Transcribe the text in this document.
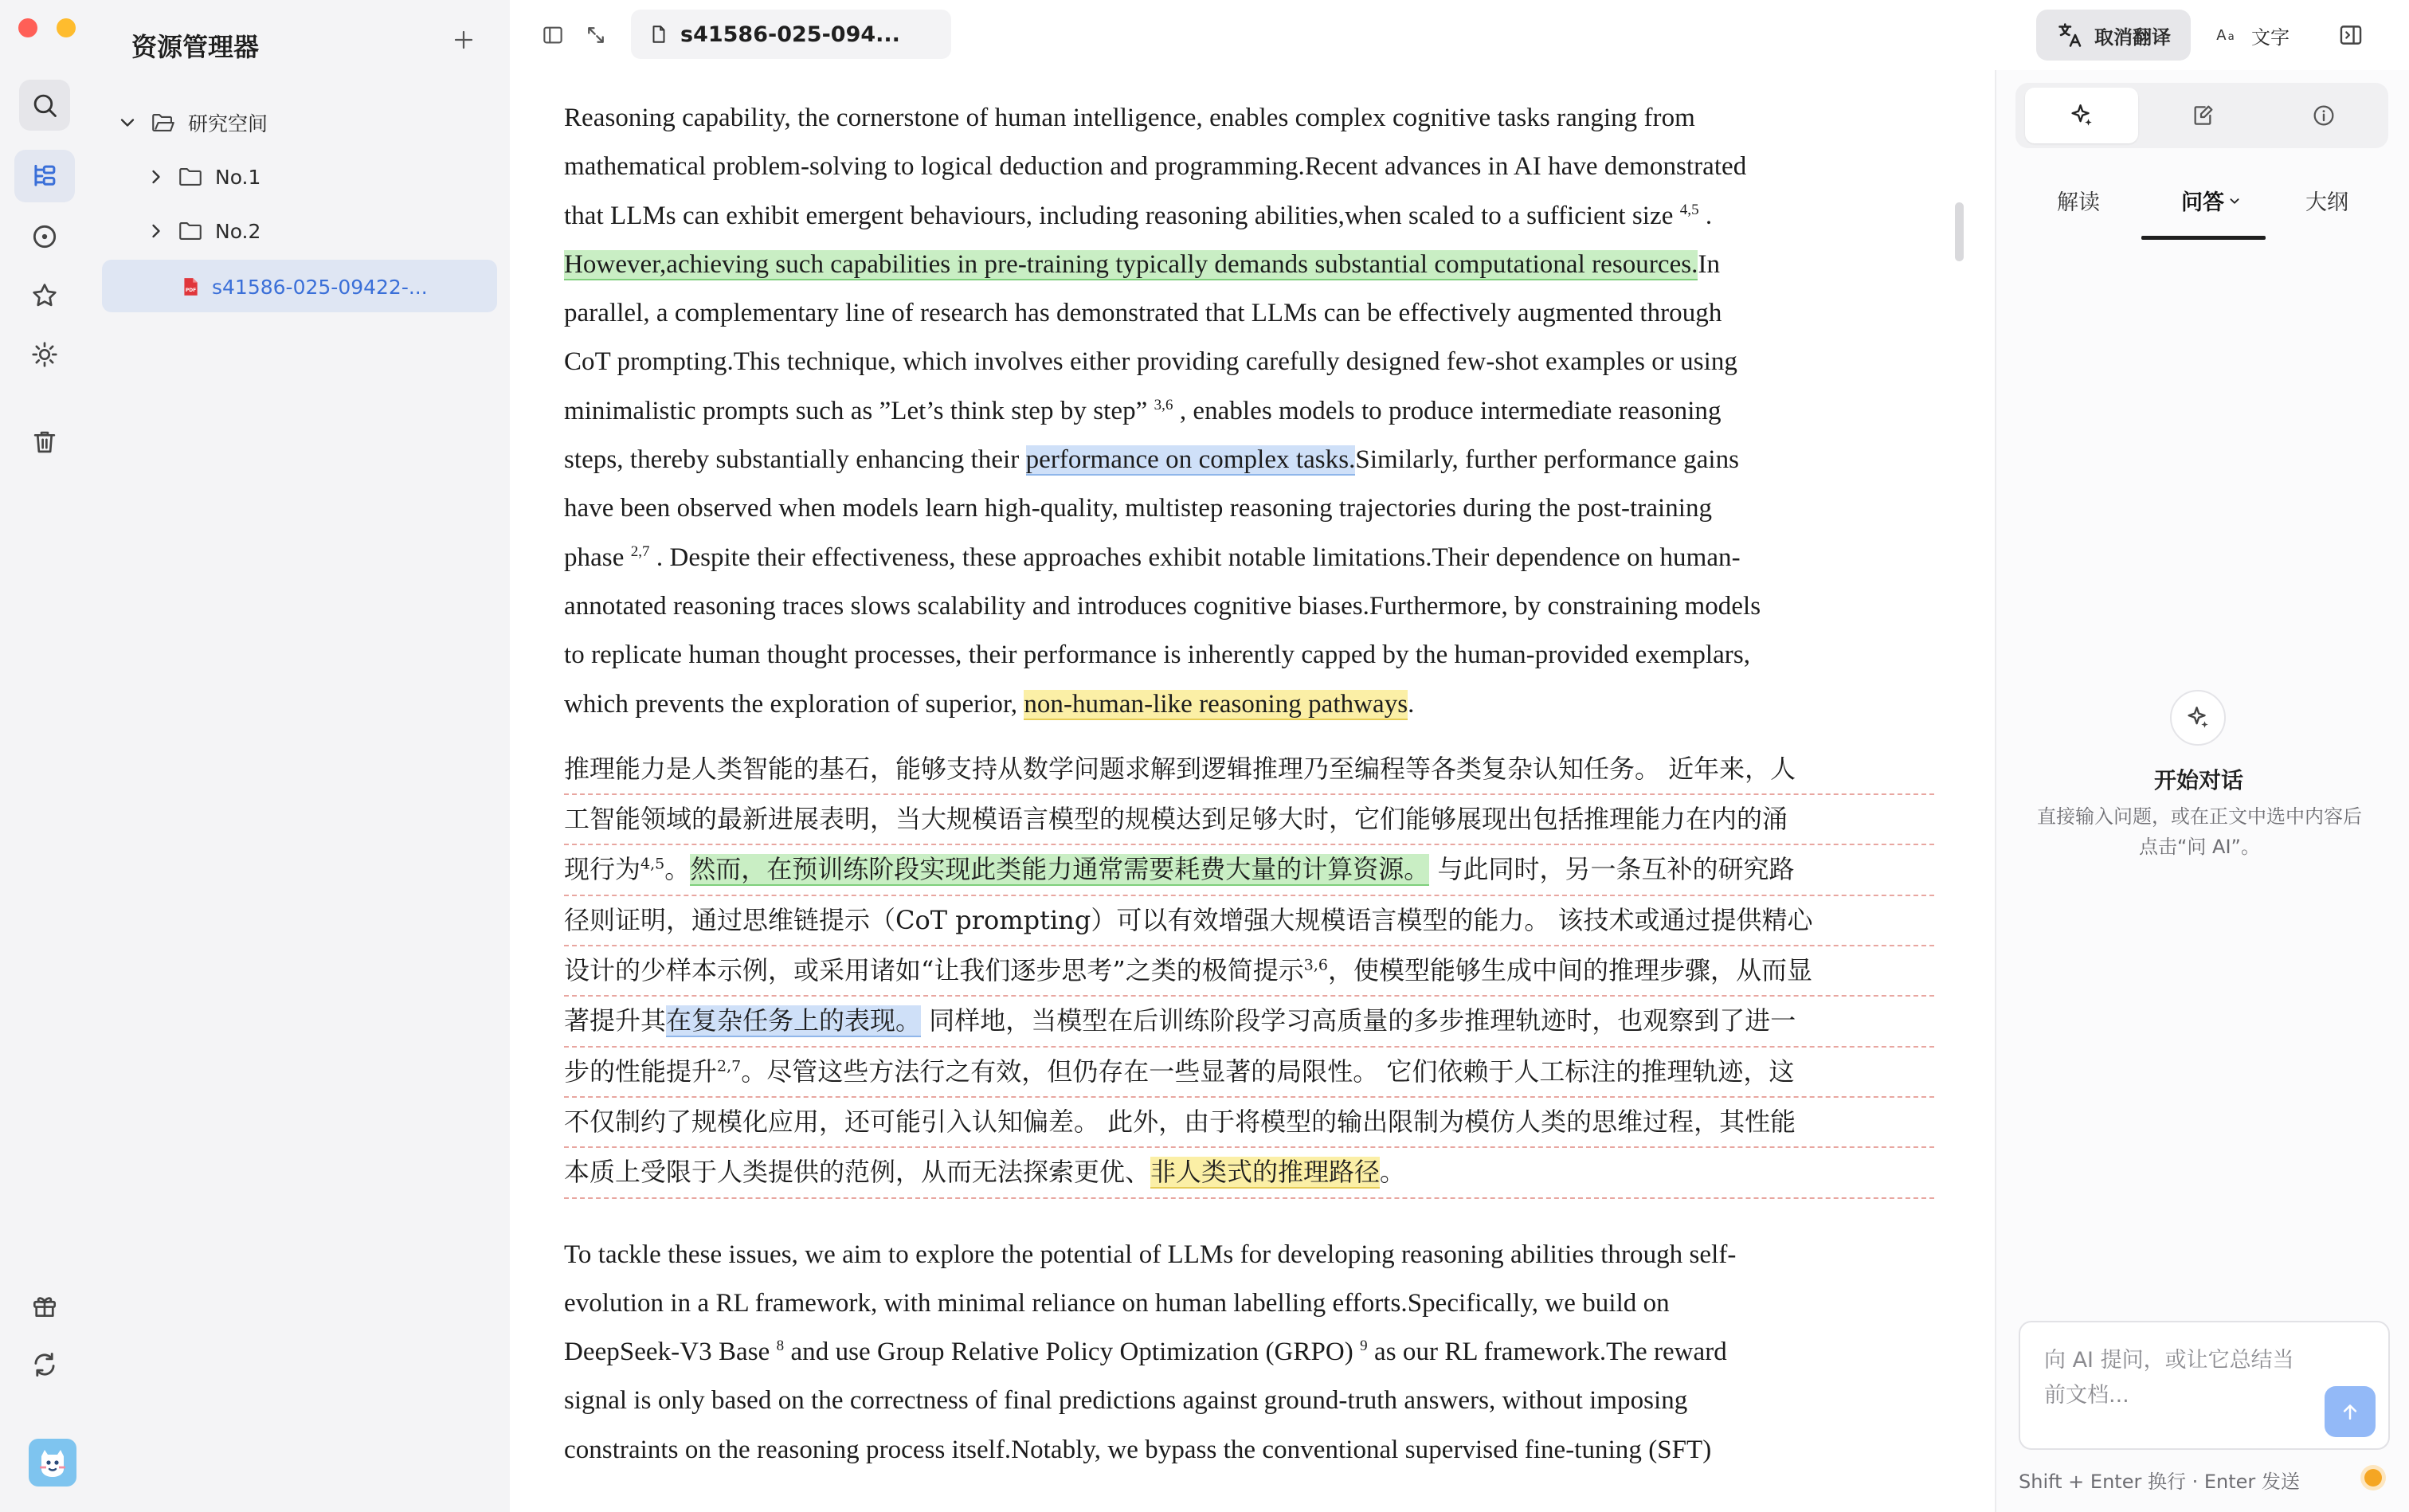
资源管理器
研究空间
No.1
No.2
PDF s41586-025-09422-...
s41586-025-094...	取消翻译	A a 文字

Reasoning capability, the cornerstone of human intelligence, enables complex cognitive tasks ranging from
mathematical problem-solving to logical deduction and programming.Recent advances in AI have demonstrated
that LLMs can exhibit emergent behaviours, including reasoning abilities,when scaled to a sufficient size $^{4,5}$ .
However,achieving such capabilities in pre-training typically demands substantial computational resources.In
parallel, a complementary line of research has demonstrated that LLMs can be effectively augmented through
CoT prompting.This technique, which involves either providing carefully designed few-shot examples or using
minimalistic prompts such as ”Let’s think step by step” $^{3,6}$ , enables models to produce intermediate reasoning
steps, thereby substantially enhancing their performance on complex tasks.Similarly, further performance gains
have been observed when models learn high-quality, multistep reasoning trajectories during the post-training
phase $^{2,7}$ . Despite their effectiveness, these approaches exhibit notable limitations.Their dependence on human-
annotated reasoning traces slows scalability and introduces cognitive biases.Furthermore, by constraining models
to replicate human thought processes, their performance is inherently capped by the human-provided exemplars,
which prevents the exploration of superior, non-human-like reasoning pathways.

推理能力是人类智能的基石，能够支持从数学问题求解到逻辑推理乃至编程等各类复杂认知任务。 近年来，人
工智能领域的最新进展表明，当大规模语言模型的规模达到足够大时，它们能够展现出包括推理能力在内的涌
现行为$^{4,5}$。然而，在预训练阶段实现此类能力通常需要耗费大量的计算资源。 与此同时，另一条互补的研究路
径则证明，通过思维链提示（CoT prompting）可以有效增强大规模语言模型的能力。 该技术或通过提供精心
设计的少样本示例，或采用诸如“让我们逐步思考”之类的极简提示$^{3,6}$，使模型能够生成中间的推理步骤，从而显
著提升其在复杂任务上的表现。 同样地，当模型在后训练阶段学习高质量的多步推理轨迹时，也观察到了进一
步的性能提升$^{2,7}$。尽管这些方法行之有效，但仍存在一些显著的局限性。 它们依赖于人工标注的推理轨迹，这
不仅制约了规模化应用，还可能引入认知偏差。 此外，由于将模型的输出限制为模仿人类的思维过程，其性能
本质上受限于人类提供的范例，从而无法探索更优、非人类式的推理路径。

To tackle these issues, we aim to explore the potential of LLMs for developing reasoning abilities through self-
evolution in a RL framework, with minimal reliance on human labelling efforts.Specifically, we build on
DeepSeek-V3 Base $^8$ and use Group Relative Policy Optimization (GRPO) $^9$ as our RL framework.The reward
signal is only based on the correctness of final predictions against ground-truth answers, without imposing
constraints on the reasoning process itself.Notably, we bypass the conventional supervised fine-tuning (SFT)

解读	问答	大纲
开始对话
直接输入问题，或在正文中选中内容后点击“问 AI”。
向 AI 提问，或让它总结当前文档...
Shift + Enter 换行 · Enter 发送
